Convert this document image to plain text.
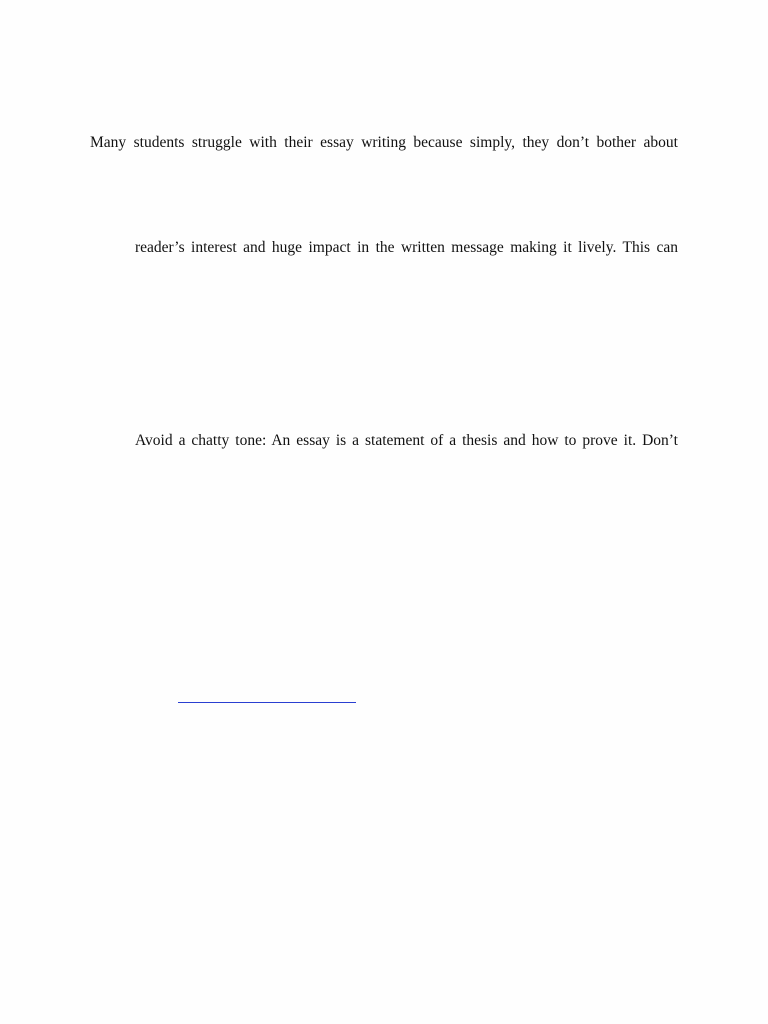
Many students struggle with their essay writing because simply, they don’t bother about
reader’s interest and huge impact in the written message making it lively. This can
Avoid a chatty tone: An essay is a statement of a thesis and how to prove it. Don’t
